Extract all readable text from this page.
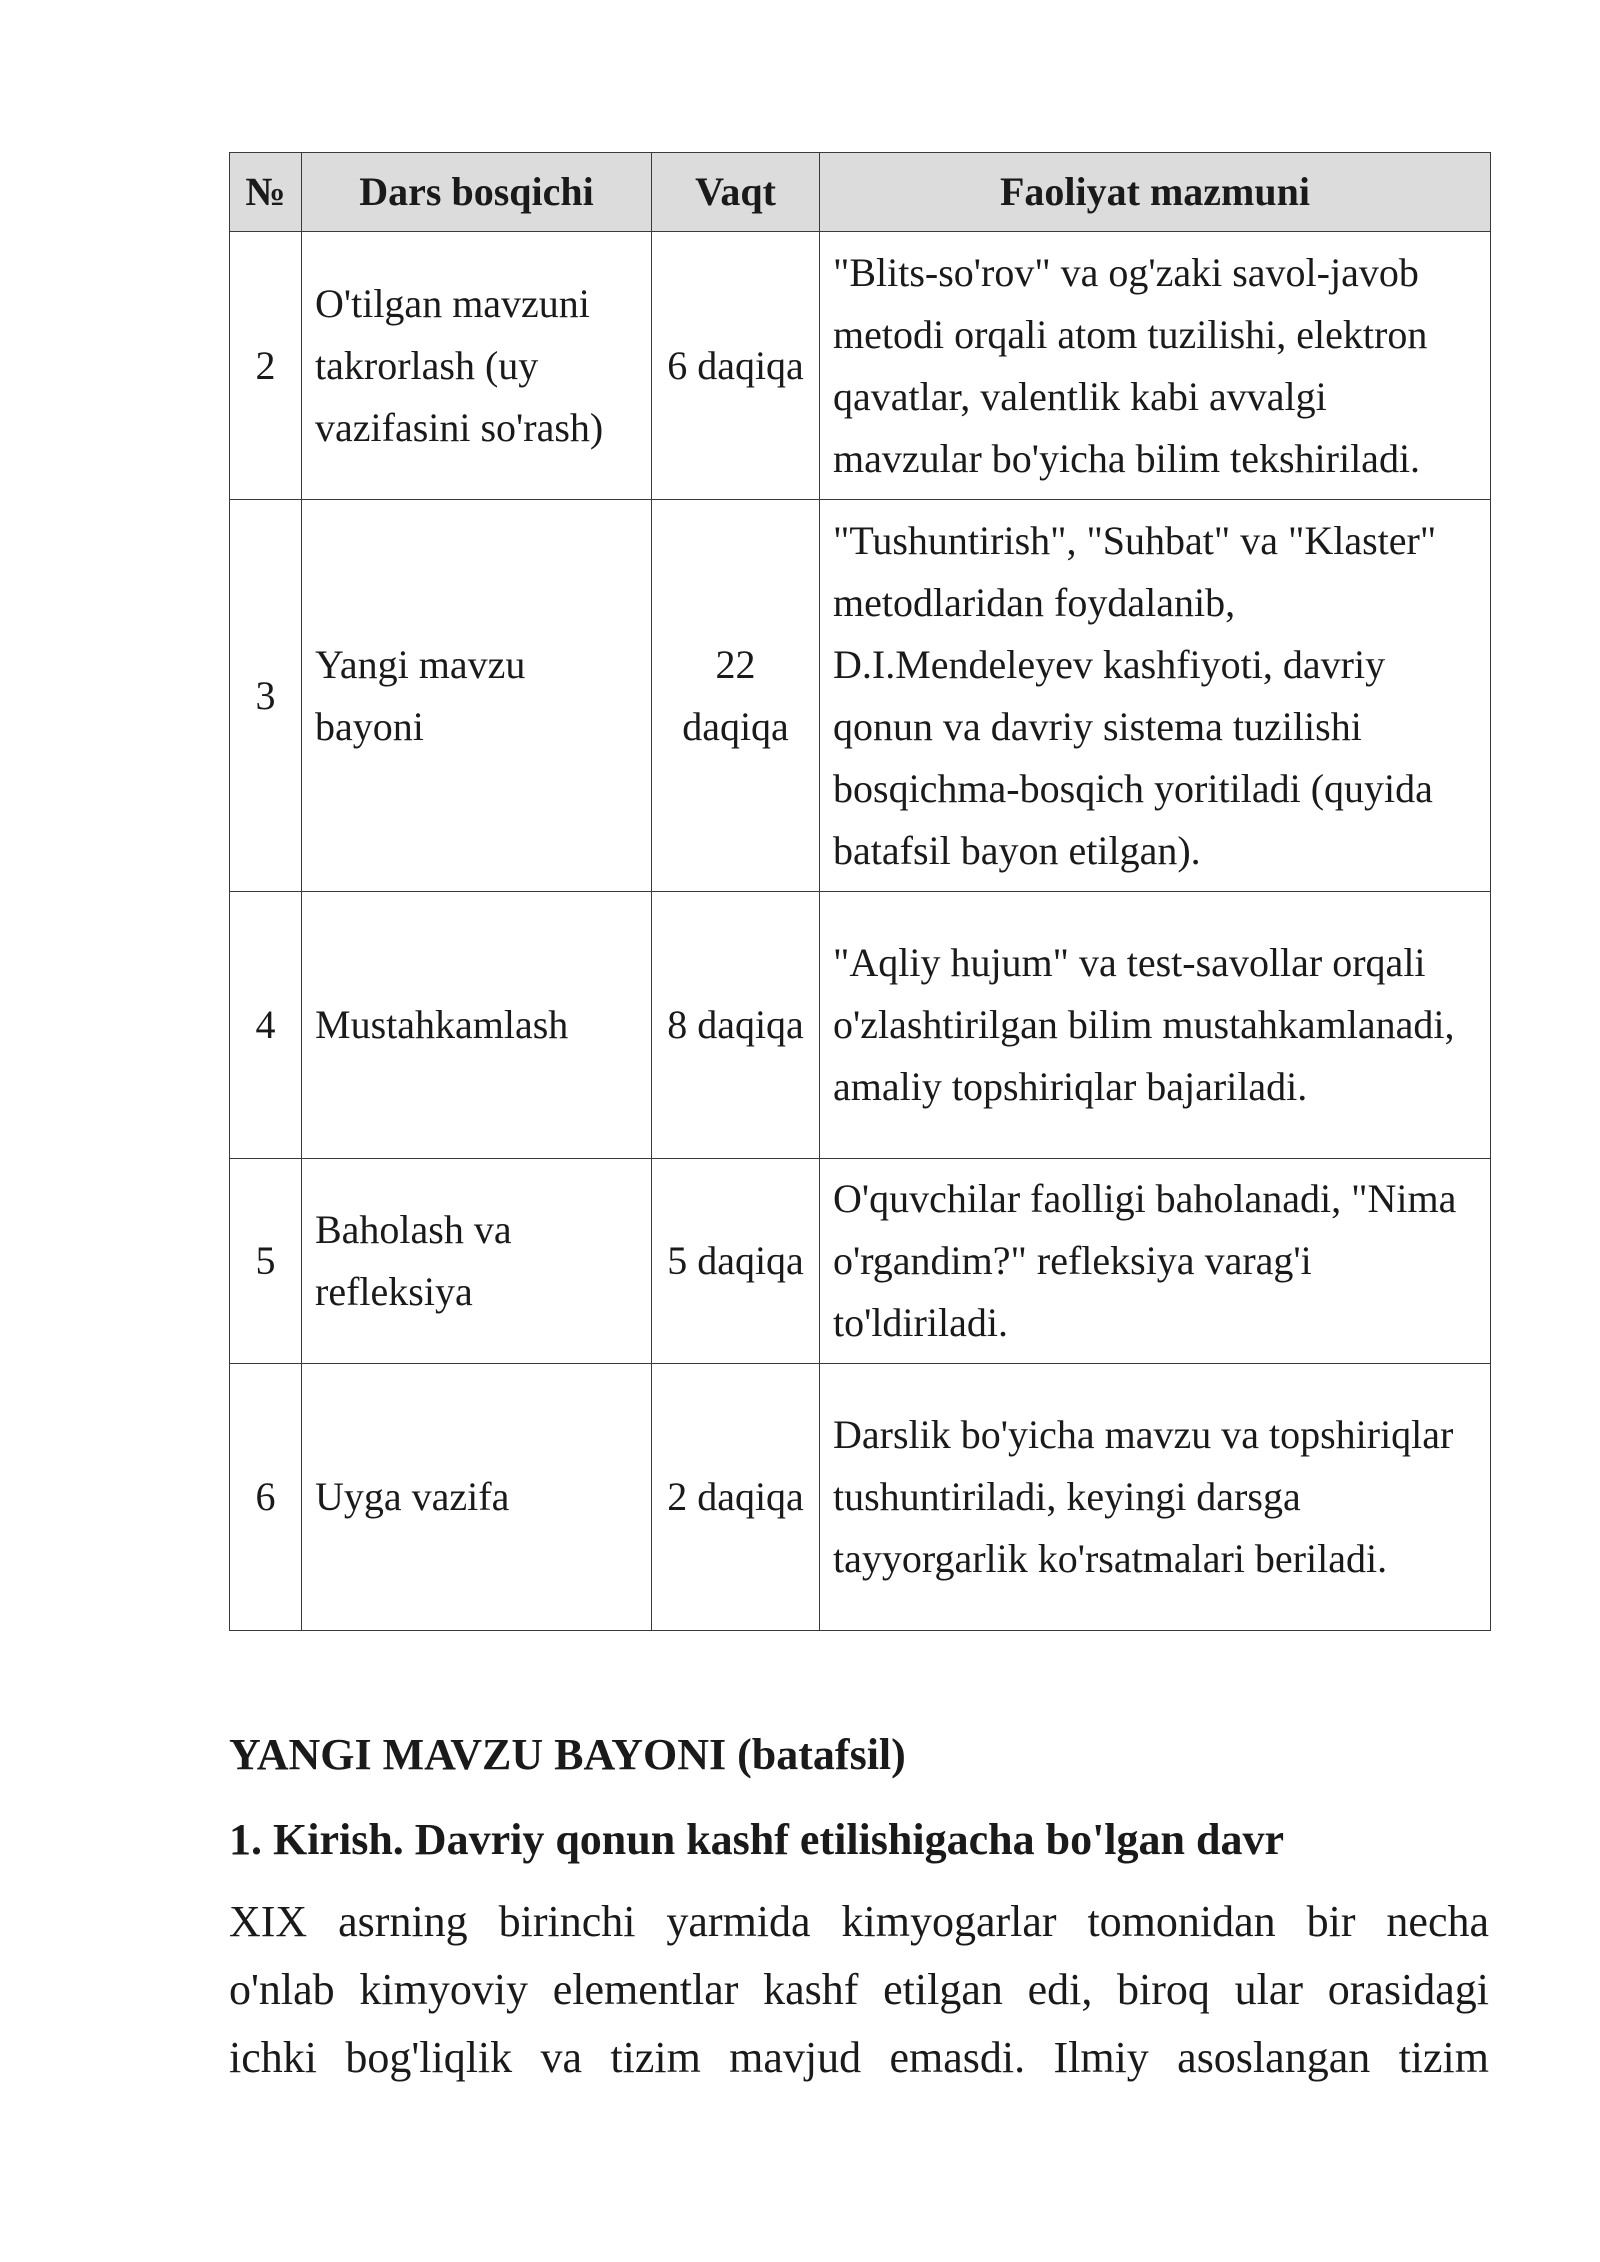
№	Dars bosqichi	Vaqt	Faoliyat mazmuni
2	O'tilgan mavzuni takrorlash (uy vazifasini so'rash)	6 daqiqa	"Blits-so'rov" va og'zaki savol-javob metodi orqali atom tuzilishi, elektron qavatlar, valentlik kabi avvalgi mavzular bo'yicha bilim tekshiriladi.
3	Yangi mavzu bayoni	22 daqiqa	"Tushuntirish", "Suhbat" va "Klaster" metodlaridan foydalanib, D.I.Mendeleyev kashfiyoti, davriy qonun va davriy sistema tuzilishi bosqichma-bosqich yoritiladi (quyida batafsil bayon etilgan).
4	Mustahkamlash	8 daqiqa	"Aqliy hujum" va test-savollar orqali o'zlashtirilgan bilim mustahkamlanadi, amaliy topshiriqlar bajariladi.
5	Baholash va refleksiya	5 daqiqa	O'quvchilar faolligi baholanadi, "Nima o'rgandim?" refleksiya varag'i to'ldiriladi.
6	Uyga vazifa	2 daqiqa	Darslik bo'yicha mavzu va topshiriqlar tushuntiriladi, keyingi darsga tayyorgarlik ko'rsatmalari beriladi.
YANGI MAVZU BAYONI (batafsil)
1. Kirish. Davriy qonun kashf etilishigacha bo'lgan davr
XIX asrning birinchi yarmida kimyogarlar tomonidan bir necha
o'nlab kimyoviy elementlar kashf etilgan edi, biroq ular orasidagi
ichki bog'liqlik va tizim mavjud emasdi. Ilmiy asoslangan tizim
